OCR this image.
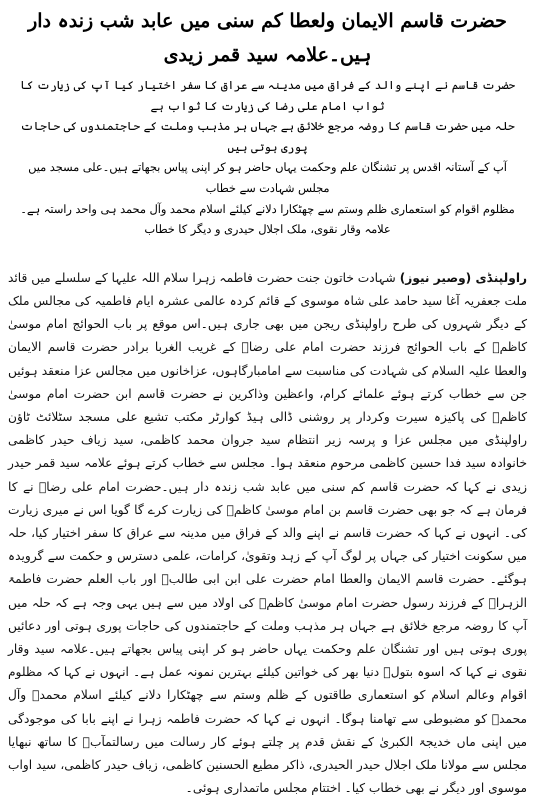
حضرت قاسم الایمان ولعطا کم سنی میں عابد شب زندہ دار ہیں۔علامہ سید قمر زیدی

حضرت قاسم نے اپنے والد کے فراق میں مدینہ سے عراق کا سفر اختیار کیا آپ کی زیارت کا ثواب امام علی رضا کی زیارت کا ثواب ہے

حلہ میں حضرت قاسم کا روضہ مرجع خلائق ہے جہاں ہر مذہب وملت کے حاجتمندوں کی حاجات پوری ہوتی ہیں

آپ کے آستانہ اقدس پر تشنگان علم وحکمت یہاں حاضر ہو کر اپنی پیاس بجھاتے ہیں۔علی مسجد میں مجلس شہادت سے خطاب

مظلوم اقوام کو استعماری ظلم وستم سے چھٹکارا دلانے کیلئے اسلام محمد وآل محمد ہی واحد راستہ ہے۔ علامہ وقار نقوی، ملک اجلال حیدری و دیگر کا خطاب

راولپنڈی (وصیر نیوز)شہادت خاتون جنت حضرت فاطمہ زہرا سلام اللہ علیہا کے سلسلے میں قائد ملت جعفریہ آغا سید حامد علی شاہ موسوی کے قائم کردہ عالمی عشرہ ایام فاطمیہ کی مجالس ملک کے دیگر شہروں کی طرح راولپنڈی ریجن میں بھی جاری ہیں۔اس موقع پر باب الحوائج امام موسیٰ کاظمؑ کے باب الحوائج فرزند حضرت امام علی رضاؑ کے غریب الغربا برادر حضرت قاسم الایمان والعطا علیہ السلام کی شہادت کی مناسبت سے امامبارگاہوں، عزاخانوں میں مجالس عزا منعقد ہوئیں جن سے خطاب کرتے ہوئے علمائے کرام، واعظین وذاکرین نے حضرت قاسم ابن حضرت امام موسیٰ کاظمؑ کی پاکیزہ سیرت وکردار پر روشنی ڈالی ہیڈ کوارٹر مکتب تشیع علی مسجد سٹلائٹ ٹاؤن راولپنڈی میں مجلس عزا و پرسہ زیر انتظام سید جروان محمد کاظمی، سید زیاف حیدر کاظمی خانوادہ سید فدا حسین کاظمی مرحوم منعقد ہوا۔ مجلس سے خطاب کرتے ہوئے علامہ سید قمر حیدر زیدی نے کہا کہ حضرت قاسم کم سنی میں عابد شب زندہ دار ہیں۔حضرت امام علی رضاؑ نے کا فرمان ہے کہ جو بھی حضرت قاسم بن امام موسیٰ کاظمؑ کی زیارت کرے گا گویا اس نے میری زیارت کی۔ انہوں نے کہا کہ حضرت قاسم نے اپنے والد کے فراق میں مدینہ سے عراق کا سفر اختیار کیا، حلہ میں سکونت اختیار کی جہاں پر لوگ آپ کے زہد وتقویٰ، کرامات، علمی دسترس و حکمت سے گرویدہ ہوگئے۔ حضرت قاسم الایمان والعطا امام حضرت علی ابن ابی طالبؑ اور باب العلم حضرت فاطمۃ الزہراؑ کے فرزند رسول حضرت امام موسیٰ کاظمؑ کی اولاد میں سے ہیں یہی وجہ ہے کہ حلہ میں آپ کا روضہ مرجع خلائق ہے جہاں ہر مذہب وملت کے حاجتمندوں کی حاجات پوری ہوتی اور دعائیں پوری ہوتی ہیں اور تشنگان علم وحکمت یہاں حاضر ہو کر اپنی پیاس بجھاتے ہیں۔علامہ سید وقار نقوی نے کہا کہ اسوہ بتولؑ دنیا بھر کی خواتین کیلئے بہترین نمونہ عمل ہے۔ انہوں نے کہا کہ مظلوم اقوام وعالم اسلام کو استعماری طاقتوں کے ظلم وستم سے چھٹکارا دلانے کیلئے اسلام محمدؐ وآل محمدؐ کو مضبوطی سے تھامنا ہوگا۔ انہوں نے کہا کہ حضرت فاطمہ زہرا نے اپنے بابا کی موجودگی میں اپنی ماں خدیجۃ الکبریٰ کے نقش قدم پر چلتے ہوئے کار رسالت میں رسالتمآبؐ کا ساتھ نبھایا مجلس سے مولانا ملک اجلال حیدر الحیدری، ذاکر مطیع الحسنین کاظمی، زیاف حیدر کاظمی، سید اواب موسوی اور دیگر نے بھی خطاب کیا۔ اختتام مجلس ماتمداری ہوئی۔
